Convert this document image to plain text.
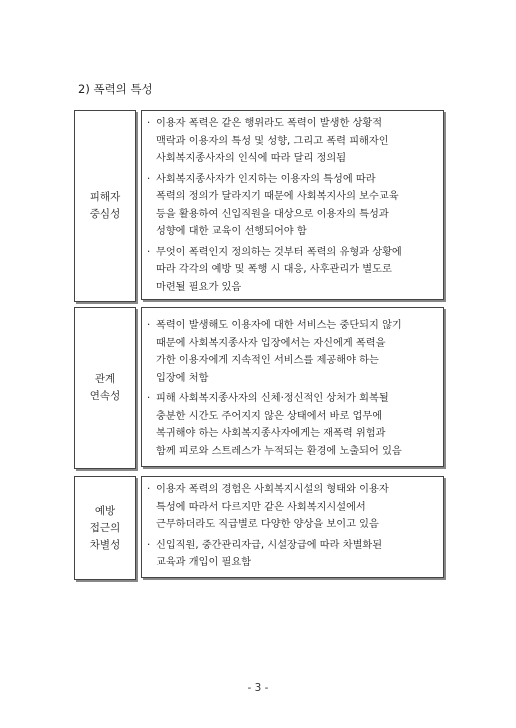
2) 폭력의 특성
피해자
중심성
· 이용자 폭력은 같은 행위라도 폭력이 발생한 상황적
맥락과 이용자의 특성 및 성향, 그리고 폭력 피해자인
사회복지종사자의 인식에 따라 달리 정의됨
· 사회복지종사자가 인지하는 이용자의 특성에 따라
폭력의 정의가 달라지기 때문에 사회복지사의 보수교육
등을 활용하여 신입직원을 대상으로 이용자의 특성과
성향에 대한 교육이 선행되어야 함
· 무엇이 폭력인지 정의하는 것부터 폭력의 유형과 상황에
따라 각각의 예방 및 폭행 시 대응, 사후관리가 별도로
마련될 필요가 있음
관계
연속성
· 폭력이 발생해도 이용자에 대한 서비스는 중단되지 않기
때문에 사회복지종사자 입장에서는 자신에게 폭력을
가한 이용자에게 지속적인 서비스를 제공해야 하는
입장에 처함
· 피해 사회복지종사자의 신체·정신적인 상처가 회복될
충분한 시간도 주어지지 않은 상태에서 바로 업무에
복귀해야 하는 사회복지종사자에게는 재폭력 위험과
함께 피로와 스트레스가 누적되는 환경에 노출되어 있음
예방
접근의
차별성
· 이용자 폭력의 경험은 사회복지시설의 형태와 이용자
특성에 따라서 다르지만 같은 사회복지시설에서
근무하더라도 직급별로 다양한 양상을 보이고 있음
· 신입직원, 중간관리자급, 시설장급에 따라 차별화된
교육과 개입이 필요함
- 3 -
